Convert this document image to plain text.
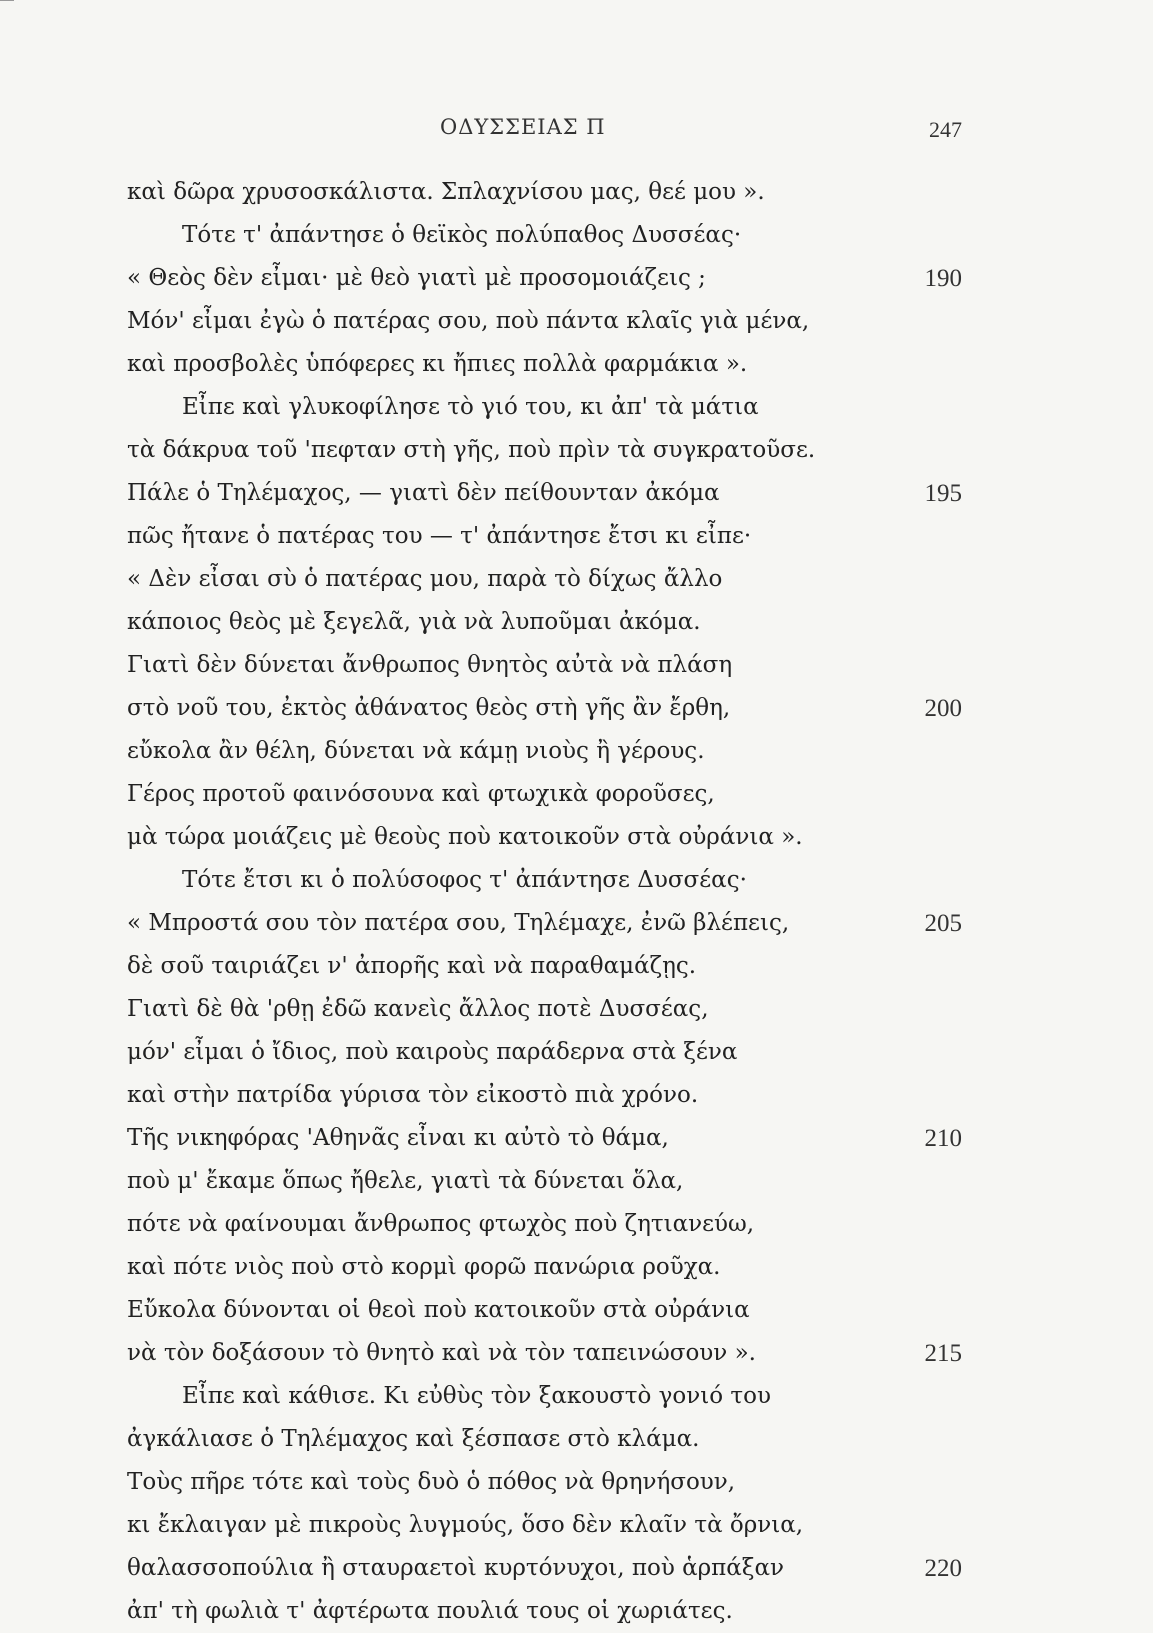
ΟΔΥΣΣΕΙΑΣ Π	247
καὶ δῶρα χρυσοσκάλιστα. Σπλαχνίσου μας, θεέ μου ».
Τότε τ' ἀπάντησε ὁ θεϊκὸς πολύπαθος Δυσσέας·
« Θεὸς δὲν εἶμαι· μὲ θεὸ γιατὶ μὲ προσομοιάζεις ;	190
Μόν' εἶμαι ἐγὼ ὁ πατέρας σου, ποὺ πάντα κλαῖς γιὰ μένα,
καὶ προσβολὲς ὑπόφερες κι ἤπιες πολλὰ φαρμάκια ».
Εἶπε καὶ γλυκοφίλησε τὸ γιό του, κι ἀπ' τὰ μάτια
τὰ δάκρυα τοῦ 'πεφταν στὴ γῆς, ποὺ πρὶν τὰ συγκρατοῦσε.
Πάλε ὁ Τηλέμαχος, — γιατὶ δὲν πείθουνταν ἀκόμα	195
πῶς ἤτανε ὁ πατέρας του — τ' ἀπάντησε ἔτσι κι εἶπε·
« Δὲν εἶσαι σὺ ὁ πατέρας μου, παρὰ τὸ δίχως ἄλλο
κάποιος θεὸς μὲ ξεγελᾶ, γιὰ νὰ λυποῦμαι ἀκόμα.
Γιατὶ δὲν δύνεται ἄνθρωπος θνητὸς αὐτὰ νὰ πλάση
στὸ νοῦ του, ἐκτὸς ἀθάνατος θεὸς στὴ γῆς ἂν ἔρθη,	200
εὔκολα ἂν θέλη, δύνεται νὰ κάμῃ νιοὺς ἢ γέρους.
Γέρος προτοῦ φαινόσουνα καὶ φτωχικὰ φοροῦσες,
μὰ τώρα μοιάζεις μὲ θεοὺς ποὺ κατοικοῦν στὰ οὐράνια ».
Τότε ἔτσι κι ὁ πολύσοφος τ' ἀπάντησε Δυσσέας·
« Μπροστά σου τὸν πατέρα σου, Τηλέμαχε, ἐνῶ βλέπεις,	205
δὲ σοῦ ταιριάζει ν' ἀπορῆς καὶ νὰ παραθαμάζῃς.
Γιατὶ δὲ θὰ 'ρθῃ ἐδῶ κανεὶς ἄλλος ποτὲ Δυσσέας,
μόν' εἶμαι ὁ ἴδιος, ποὺ καιροὺς παράδερνα στὰ ξένα
καὶ στὴν πατρίδα γύρισα τὸν εἰκοστὸ πιὰ χρόνο.
Τῆς νικηφόρας 'Αθηνᾶς εἶναι κι αὐτὸ τὸ θάμα,	210
ποὺ μ' ἔκαμε ὅπως ἤθελε, γιατὶ τὰ δύνεται ὅλα,
πότε νὰ φαίνουμαι ἄνθρωπος φτωχὸς ποὺ ζητιανεύω,
καὶ πότε νιὸς ποὺ στὸ κορμὶ φορῶ πανώρια ροῦχα.
Εὔκολα δύνονται οἱ θεοὶ ποὺ κατοικοῦν στὰ οὐράνια
νὰ τὸν δοξάσουν τὸ θνητὸ καὶ νὰ τὸν ταπεινώσουν ».	215
Εἶπε καὶ κάθισε. Κι εὐθὺς τὸν ξακουστὸ γονιό του
ἀγκάλιασε ὁ Τηλέμαχος καὶ ξέσπασε στὸ κλάμα.
Τοὺς πῆρε τότε καὶ τοὺς δυὸ ὁ πόθος νὰ θρηνήσουν,
κι ἔκλαιγαν μὲ πικροὺς λυγμούς, ὅσο δὲν κλαῖν τὰ ὄρνια,
θαλασσοπούλια ἢ σταυραετοὶ κυρτόνυχοι, ποὺ ἁρπάξαν	220
ἀπ' τὴ φωλιὰ τ' ἀφτέρωτα πουλιά τους οἱ χωριάτες.
